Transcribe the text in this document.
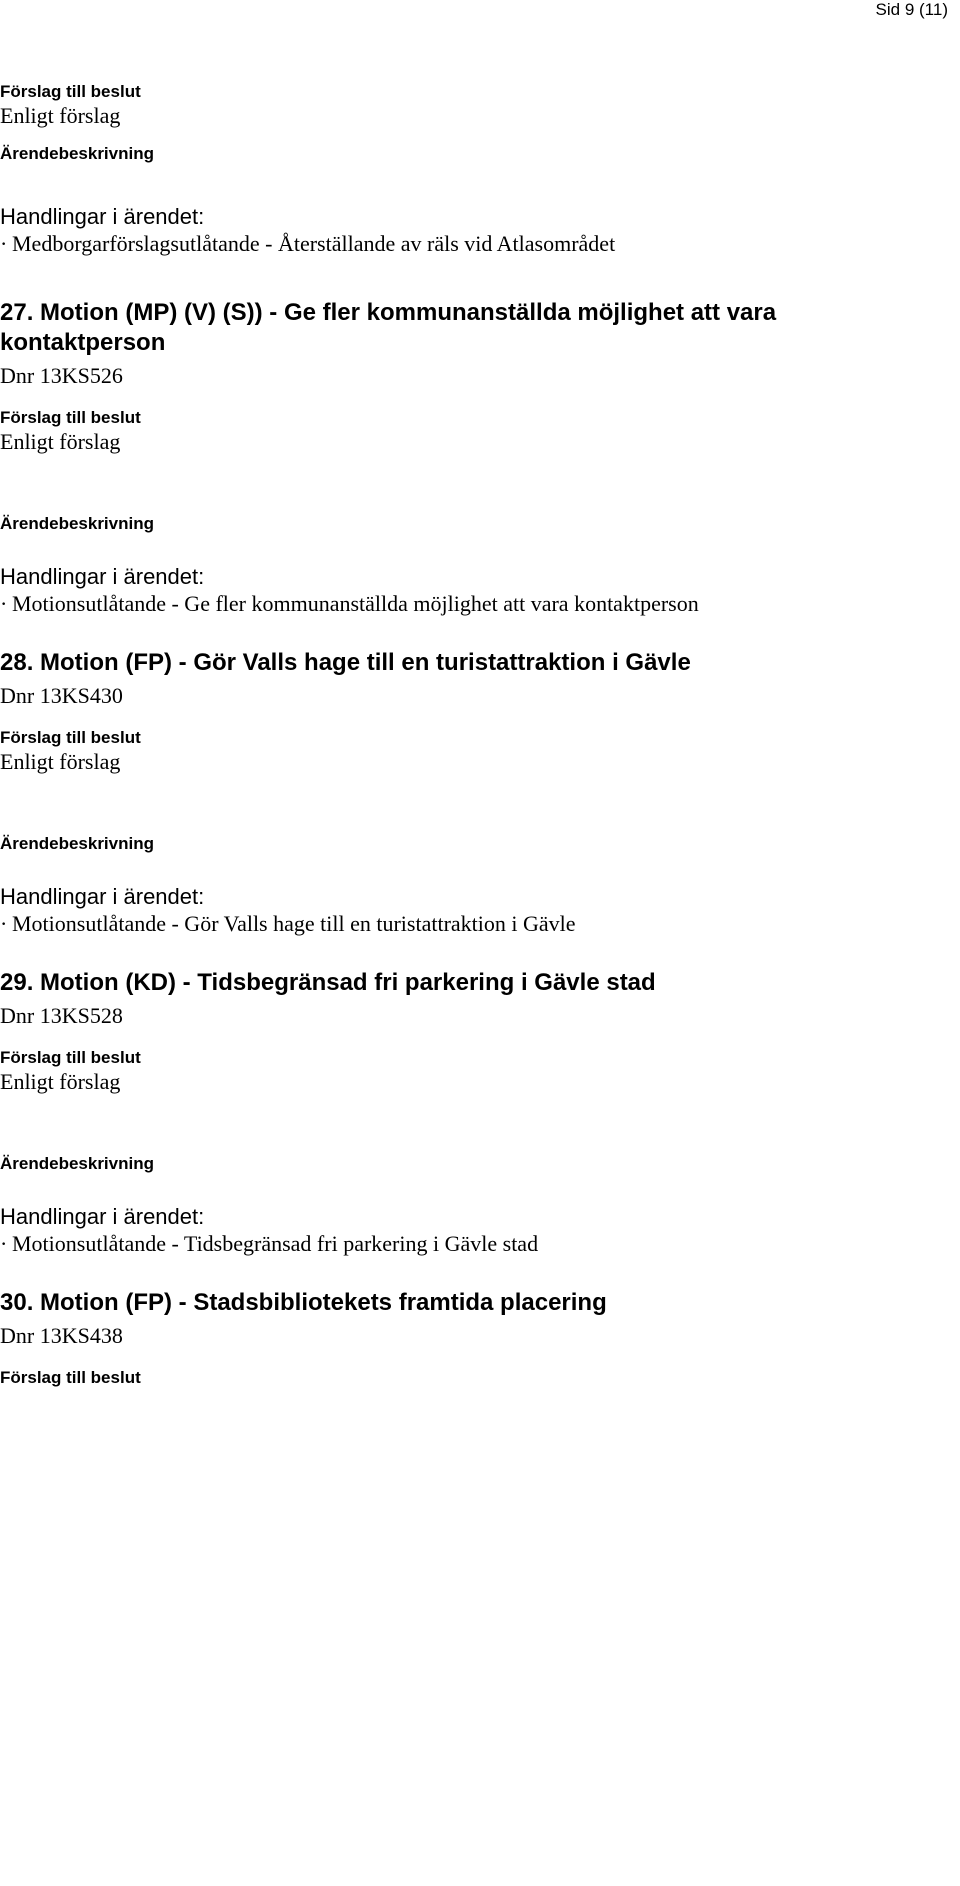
Sid 9 (11)

Förslag till beslut

Enligt förslag

Ärendebeskrivning

Handlingar i ärendet:

· Medborgarförslagsutlåtande - Återställande av räls vid Atlasområdet

27. Motion (MP) (V) (S)) - Ge fler kommunanställda möjlighet att vara kontaktperson

Dnr 13KS526

Förslag till beslut

Enligt förslag

Ärendebeskrivning

Handlingar i ärendet:

· Motionsutlåtande - Ge fler kommunanställda möjlighet att vara kontaktperson

28. Motion (FP) - Gör Valls hage till en turistattraktion i Gävle

Dnr 13KS430

Förslag till beslut

Enligt förslag

Ärendebeskrivning

Handlingar i ärendet:

· Motionsutlåtande - Gör Valls hage till en turistattraktion i Gävle

29. Motion (KD) - Tidsbegränsad fri parkering i Gävle stad

Dnr 13KS528

Förslag till beslut

Enligt förslag

Ärendebeskrivning

Handlingar i ärendet:

· Motionsutlåtande - Tidsbegränsad fri parkering i Gävle stad

30. Motion (FP) - Stadsbibliotekets framtida placering

Dnr 13KS438

Förslag till beslut
